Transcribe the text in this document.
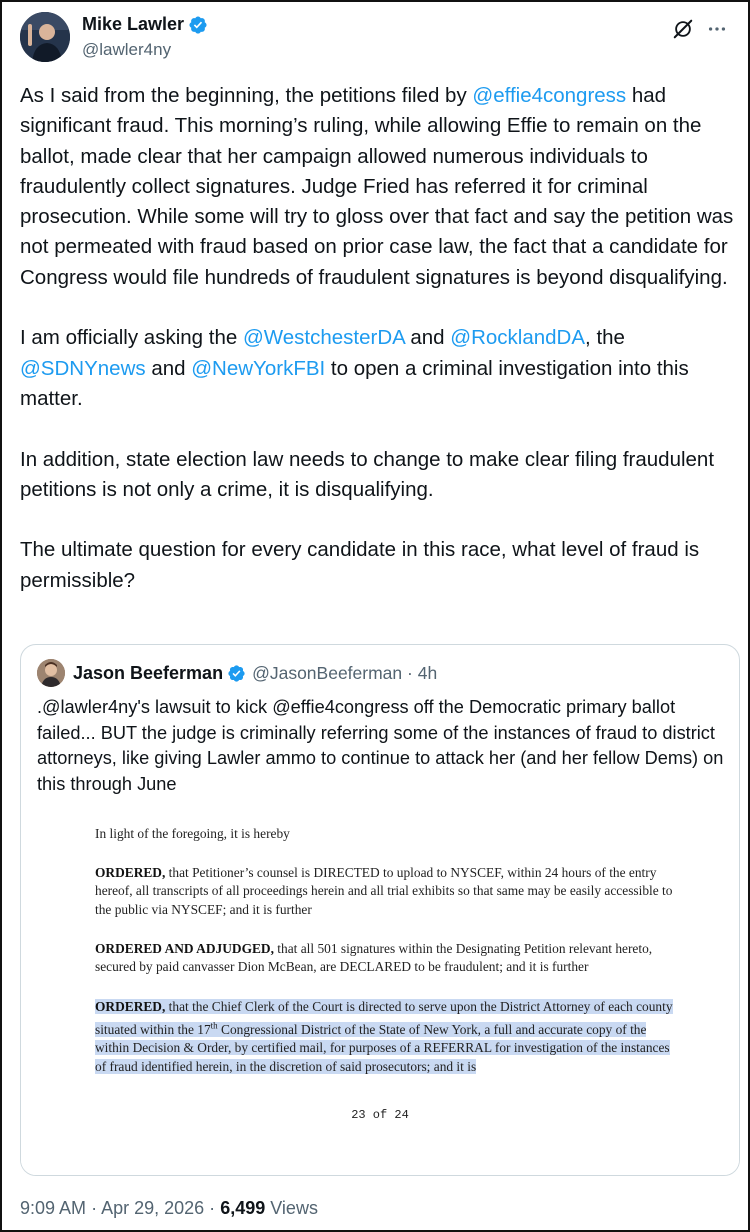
Mike Lawler
@lawler4ny

As I said from the beginning, the petitions filed by @effie4congress had significant fraud. This morning’s ruling, while allowing Effie to remain on the ballot, made clear that her campaign allowed numerous individuals to fraudulently collect signatures. Judge Fried has referred it for criminal prosecution. While some will try to gloss over that fact and say the petition was not permeated with fraud based on prior case law, the fact that a candidate for Congress would file hundreds of fraudulent signatures is beyond disqualifying.

I am officially asking the @WestchesterDA and @RocklandDA, the @SDNYnews and @NewYorkFBI to open a criminal investigation into this matter.

In addition, state election law needs to change to make clear filing fraudulent petitions is not only a crime, it is disqualifying.

The ultimate question for every candidate in this race, what level of fraud is permissible?

Jason Beeferman @JasonBeeferman · 4h
.@lawler4ny's lawsuit to kick @effie4congress off the Democratic primary ballot failed... BUT the judge is criminally referring some of the instances of fraud to district attorneys, like giving Lawler ammo to continue to attack her (and her fellow Dems) on this through June
In light of the foregoing, it is hereby
ORDERED, that Petitioner’s counsel is DIRECTED to upload to NYSCEF, within 24 hours of the entry hereof, all transcripts of all proceedings herein and all trial exhibits so that same may be easily accessible to the public via NYSCEF; and it is further
ORDERED AND ADJUDGED, that all 501 signatures within the Designating Petition relevant hereto, secured by paid canvasser Dion McBean, are DECLARED to be fraudulent; and it is further
ORDERED, that the Chief Clerk of the Court is directed to serve upon the District Attorney of each county situated within the 17th Congressional District of the State of New York, a full and accurate copy of the within Decision & Order, by certified mail, for purposes of a REFERRAL for investigation of the instances of fraud identified herein, in the discretion of said prosecutors; and it is
23 of 24
9:09 AM · Apr 29, 2026 · 6,499 Views
